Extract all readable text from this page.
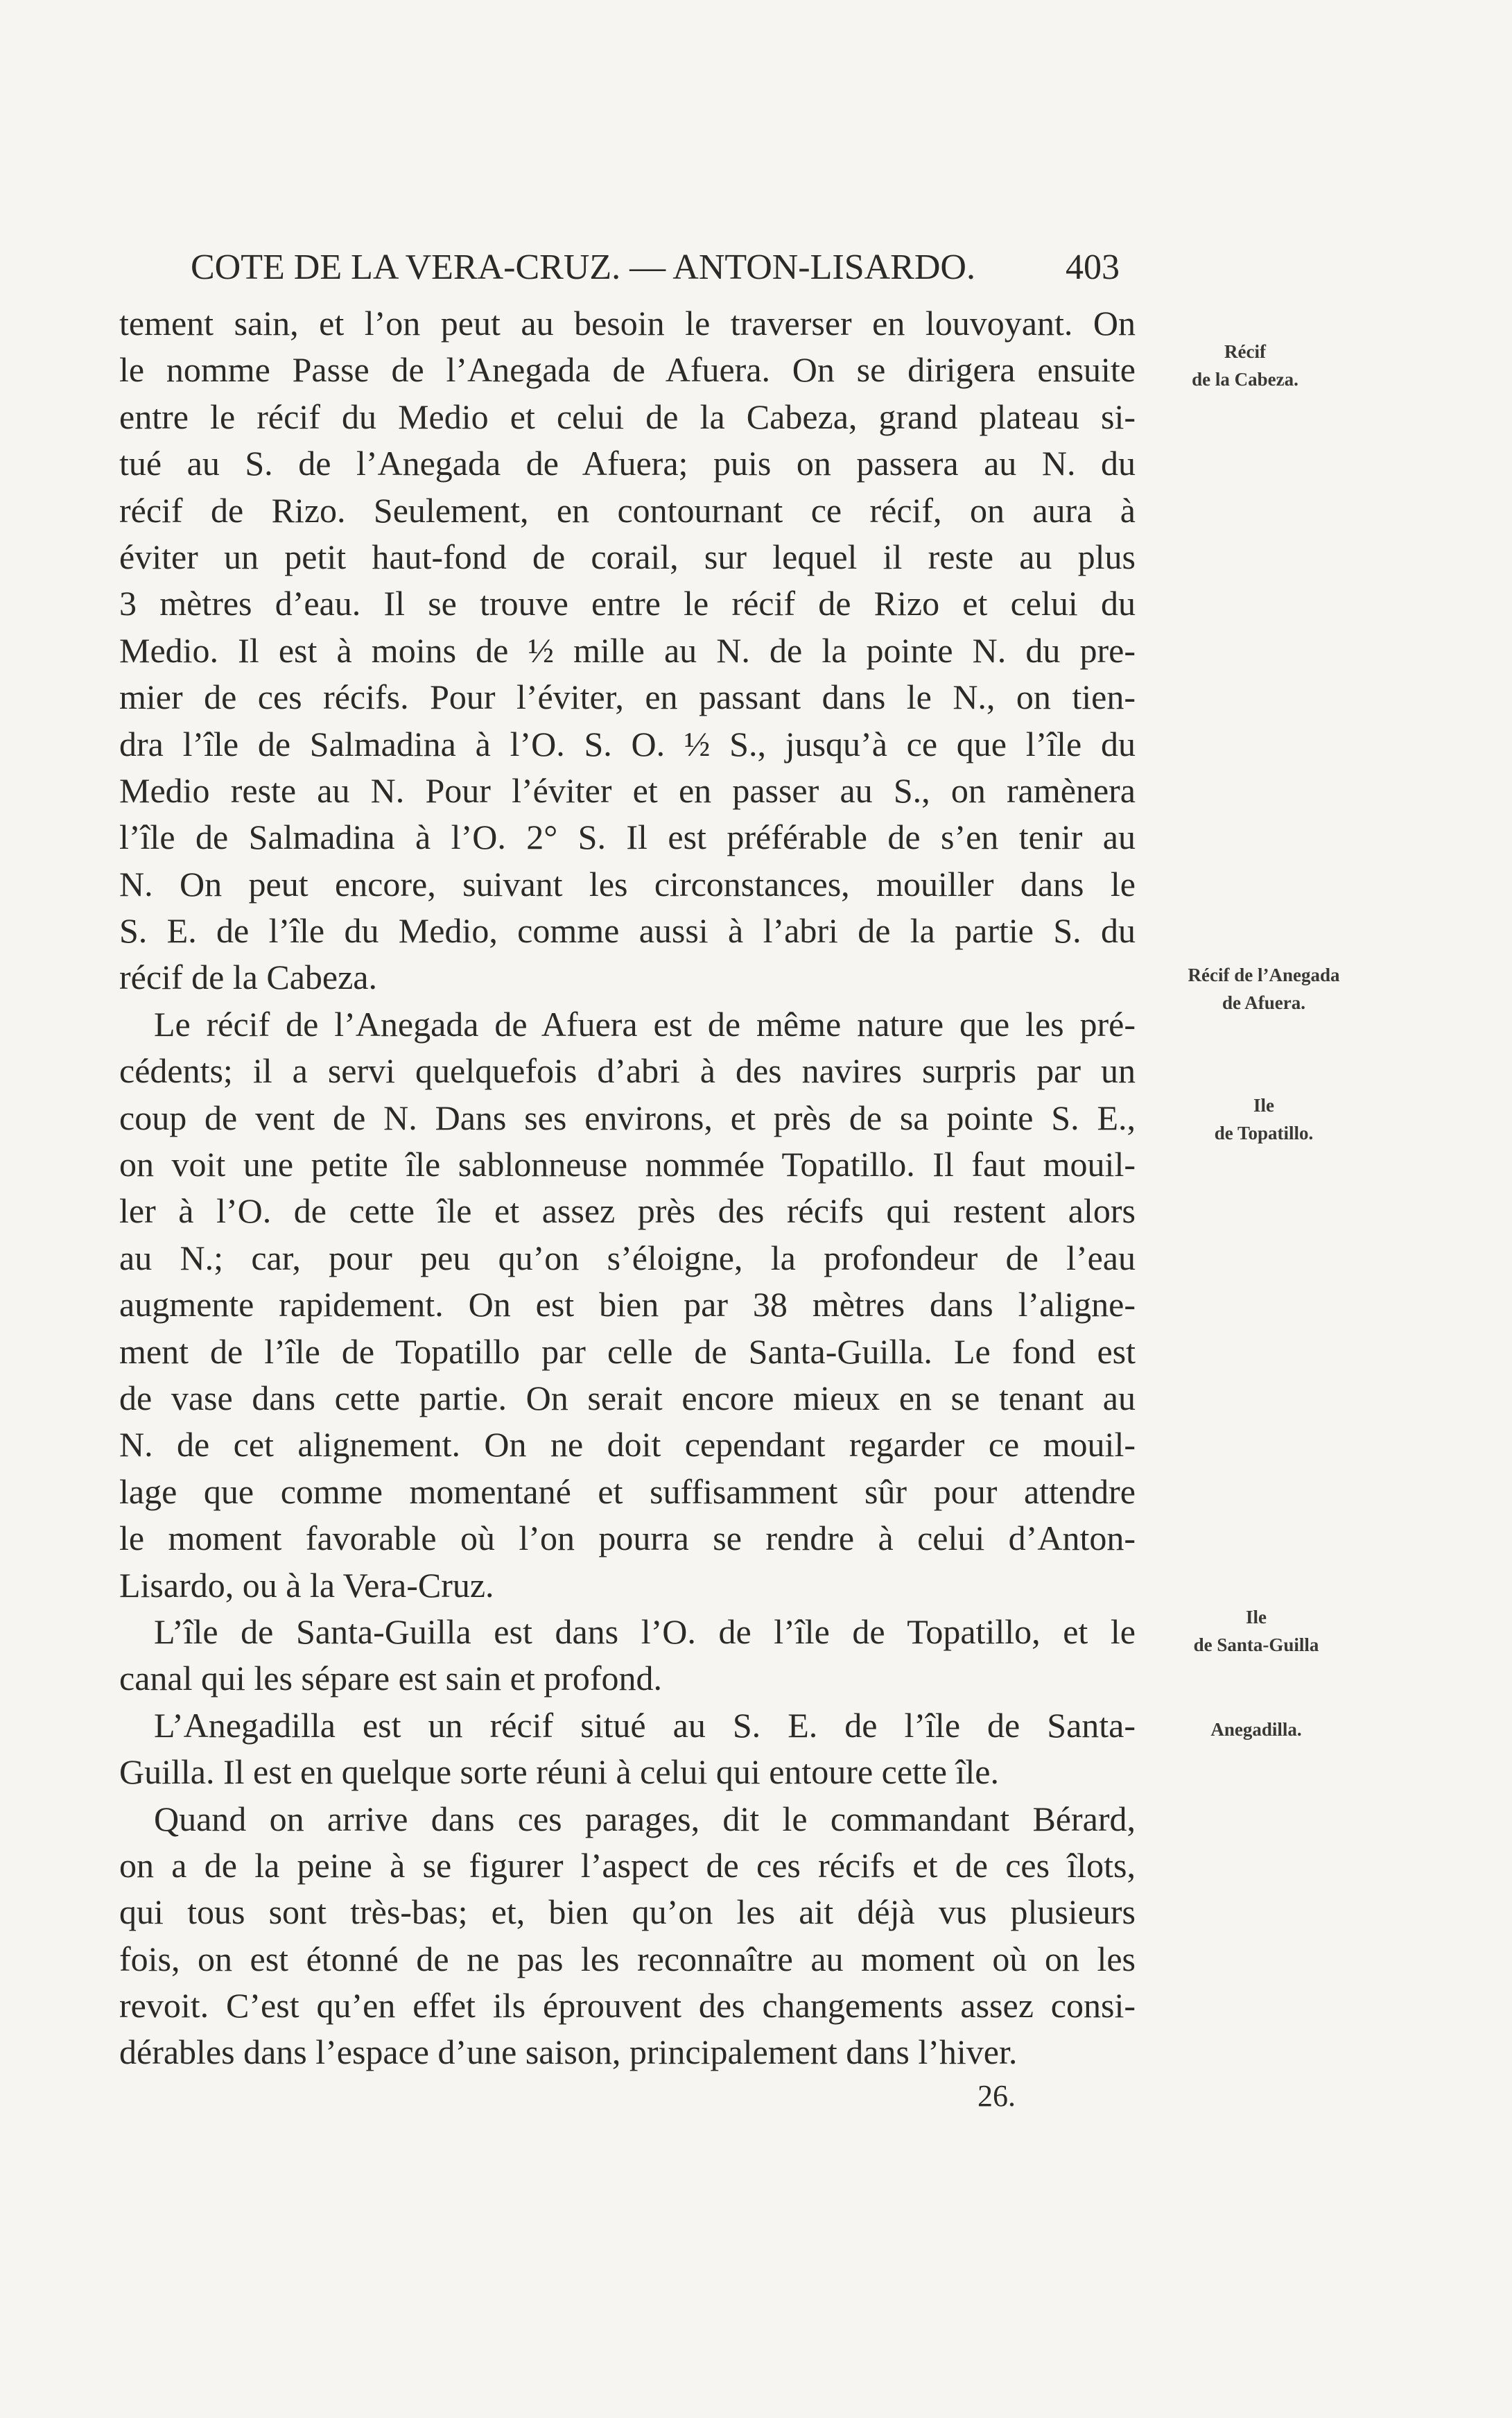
COTE DE LA VERA-CRUZ. — ANTON-LISARDO.	403
tement sain, et l’on peut au besoin le traverser en louvoyant. On
le nomme Passe de l’Anegada de Afuera. On se dirigera ensuite
entre le récif du Medio et celui de la Cabeza, grand plateau si-
tué au S. de l’Anegada de Afuera; puis on passera au N. du
récif de Rizo. Seulement, en contournant ce récif, on aura à
éviter un petit haut-fond de corail, sur lequel il reste au plus
3 mètres d’eau. Il se trouve entre le récif de Rizo et celui du
Medio. Il est à moins de ½ mille au N. de la pointe N. du pre-
mier de ces récifs. Pour l’éviter, en passant dans le N., on tien-
dra l’île de Salmadina à l’O. S. O. ½ S., jusqu’à ce que l’île du
Medio reste au N. Pour l’éviter et en passer au S., on ramènera
l’île de Salmadina à l’O. 2° S. Il est préférable de s’en tenir au
N. On peut encore, suivant les circonstances, mouiller dans le
S. E. de l’île du Medio, comme aussi à l’abri de la partie S. du
récif de la Cabeza.
Le récif de l’Anegada de Afuera est de même nature que les pré-
cédents; il a servi quelquefois d’abri à des navires surpris par un
coup de vent de N. Dans ses environs, et près de sa pointe S. E.,
on voit une petite île sablonneuse nommée Topatillo. Il faut mouil-
ler à l’O. de cette île et assez près des récifs qui restent alors
au N.; car, pour peu qu’on s’éloigne, la profondeur de l’eau
augmente rapidement. On est bien par 38 mètres dans l’aligne-
ment de l’île de Topatillo par celle de Santa-Guilla. Le fond est
de vase dans cette partie. On serait encore mieux en se tenant au
N. de cet alignement. On ne doit cependant regarder ce mouil-
lage que comme momentané et suffisamment sûr pour attendre
le moment favorable où l’on pourra se rendre à celui d’Anton-
Lisardo, ou à la Vera-Cruz.
L’île de Santa-Guilla est dans l’O. de l’île de Topatillo, et le
canal qui les sépare est sain et profond.
L’Anegadilla est un récif situé au S. E. de l’île de Santa-
Guilla. Il est en quelque sorte réuni à celui qui entoure cette île.
Quand on arrive dans ces parages, dit le commandant Bérard,
on a de la peine à se figurer l’aspect de ces récifs et de ces îlots,
qui tous sont très-bas; et, bien qu’on les ait déjà vus plusieurs
fois, on est étonné de ne pas les reconnaître au moment où on les
revoit. C’est qu’en effet ils éprouvent des changements assez consi-
dérables dans l’espace d’une saison, principalement dans l’hiver.
Récif
de la Cabeza.
Récif de l’Anegada
de Afuera.
Ile
de Topatillo.
Ile
de Santa-Guilla
Anegadilla.
26.
